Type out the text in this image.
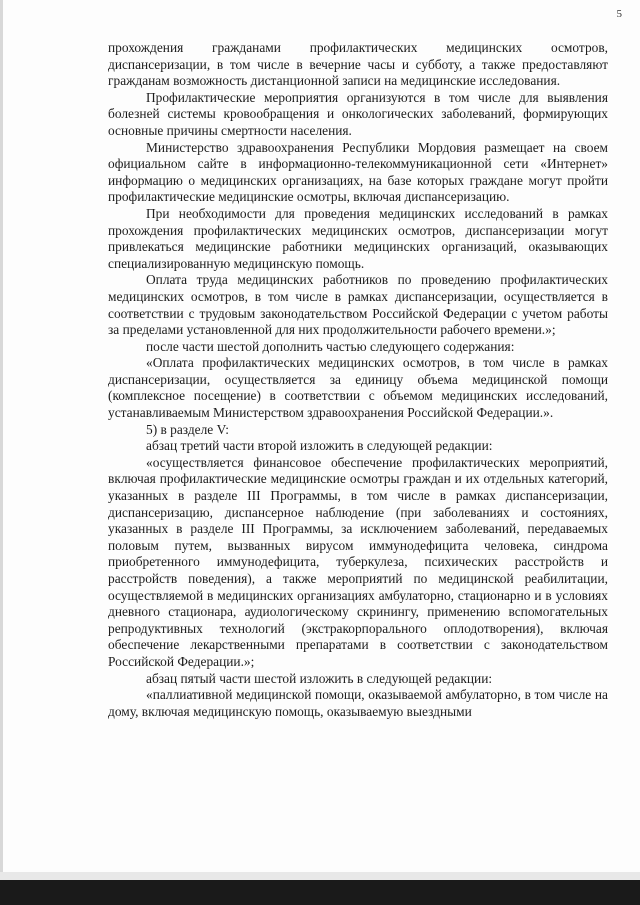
5

прохождения гражданами профилактических медицинских осмотров, диспансеризации, в том числе в вечерние часы и субботу, а также предоставляют гражданам возможность дистанционной записи на медицинские исследования.

Профилактические мероприятия организуются в том числе для выявления болезней системы кровообращения и онкологических заболеваний, формирующих основные причины смертности населения.

Министерство здравоохранения Республики Мордовия размещает на своем официальном сайте в информационно-телекоммуникационной сети «Интернет» информацию о медицинских организациях, на базе которых граждане могут пройти профилактические медицинские осмотры, включая диспансеризацию.

При необходимости для проведения медицинских исследований в рамках прохождения профилактических медицинских осмотров, диспансеризации могут привлекаться медицинские работники медицинских организаций, оказывающих специализированную медицинскую помощь.

Оплата труда медицинских работников по проведению профилактических медицинских осмотров, в том числе в рамках диспансеризации, осуществляется в соответствии с трудовым законодательством Российской Федерации с учетом работы за пределами установленной для них продолжительности рабочего времени.»;

после части шестой дополнить частью следующего содержания:

«Оплата профилактических медицинских осмотров, в том числе в рамках диспансеризации, осуществляется за единицу объема медицинской помощи (комплексное посещение) в соответствии с объемом медицинских исследований, устанавливаемым Министерством здравоохранения Российской Федерации.».

5) в разделе V:

абзац третий части второй изложить в следующей редакции:

«осуществляется финансовое обеспечение профилактических мероприятий, включая профилактические медицинские осмотры граждан и их отдельных категорий, указанных в разделе III Программы, в том числе в рамках диспансеризации, диспансеризацию, диспансерное наблюдение (при заболеваниях и состояниях, указанных в разделе III Программы, за исключением заболеваний, передаваемых половым путем, вызванных вирусом иммунодефицита человека, синдрома приобретенного иммунодефицита, туберкулеза, психических расстройств и расстройств поведения), а также мероприятий по медицинской реабилитации, осуществляемой в медицинских организациях амбулаторно, стационарно и в условиях дневного стационара, аудиологическому скринингу, применению вспомогательных репродуктивных технологий (экстракорпорального оплодотворения), включая обеспечение лекарственными препаратами в соответствии с законодательством Российской Федерации.»;

абзац пятый части шестой изложить в следующей редакции:

«паллиативной медицинской помощи, оказываемой амбулаторно, в том числе на дому, включая медицинскую помощь, оказываемую выездными
